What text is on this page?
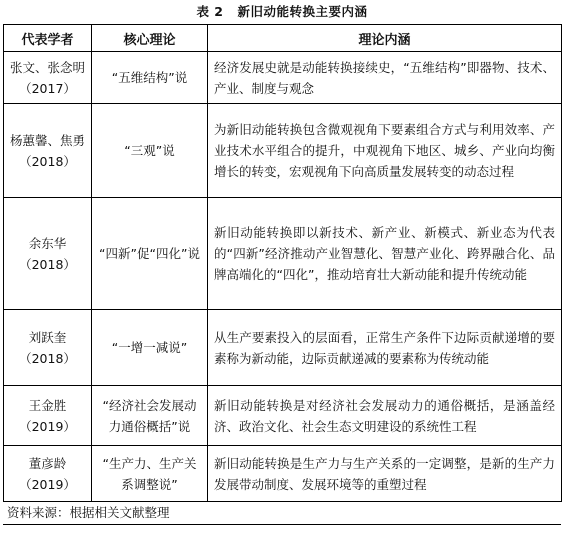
表 2 新旧动能转换主要内涵
代表学者	核心理论	理论内涵
张文、张念明（2017）	“五维结构”说	经济发展史就是动能转换接续史，“五维结构”即器物、技术、产业、制度与观念
杨蕙馨、焦勇（2018）	“三观”说	为新旧动能转换包含微观视角下要素组合方式与利用效率、产业技术水平组合的提升，中观视角下地区、城乡、产业向均衡增长的转变，宏观视角下向高质量发展转变的动态过程
余东华（2018）	“四新”促“四化”说	新旧动能转换即以新技术、新产业、新模式、新业态为代表的“四新”经济推动产业智慧化、智慧产业化、跨界融合化、品牌高端化的“四化”，推动培育壮大新动能和提升传统动能
刘跃奎（2018）	“一增一减说”	从生产要素投入的层面看，正常生产条件下边际贡献递增的要素称为新动能，边际贡献递减的要素称为传统动能
王金胜（2019）	“经济社会发展动力通俗概括”说	新旧动能转换是对经济社会发展动力的通俗概括，是涵盖经济、政治文化、社会生态文明建设的系统性工程
董彦龄（2019）	“生产力、生产关系调整说”	新旧动能转换是生产力与生产关系的一定调整，是新的生产力发展带动制度、发展环境等的重塑过程
资料来源：根据相关文献整理
